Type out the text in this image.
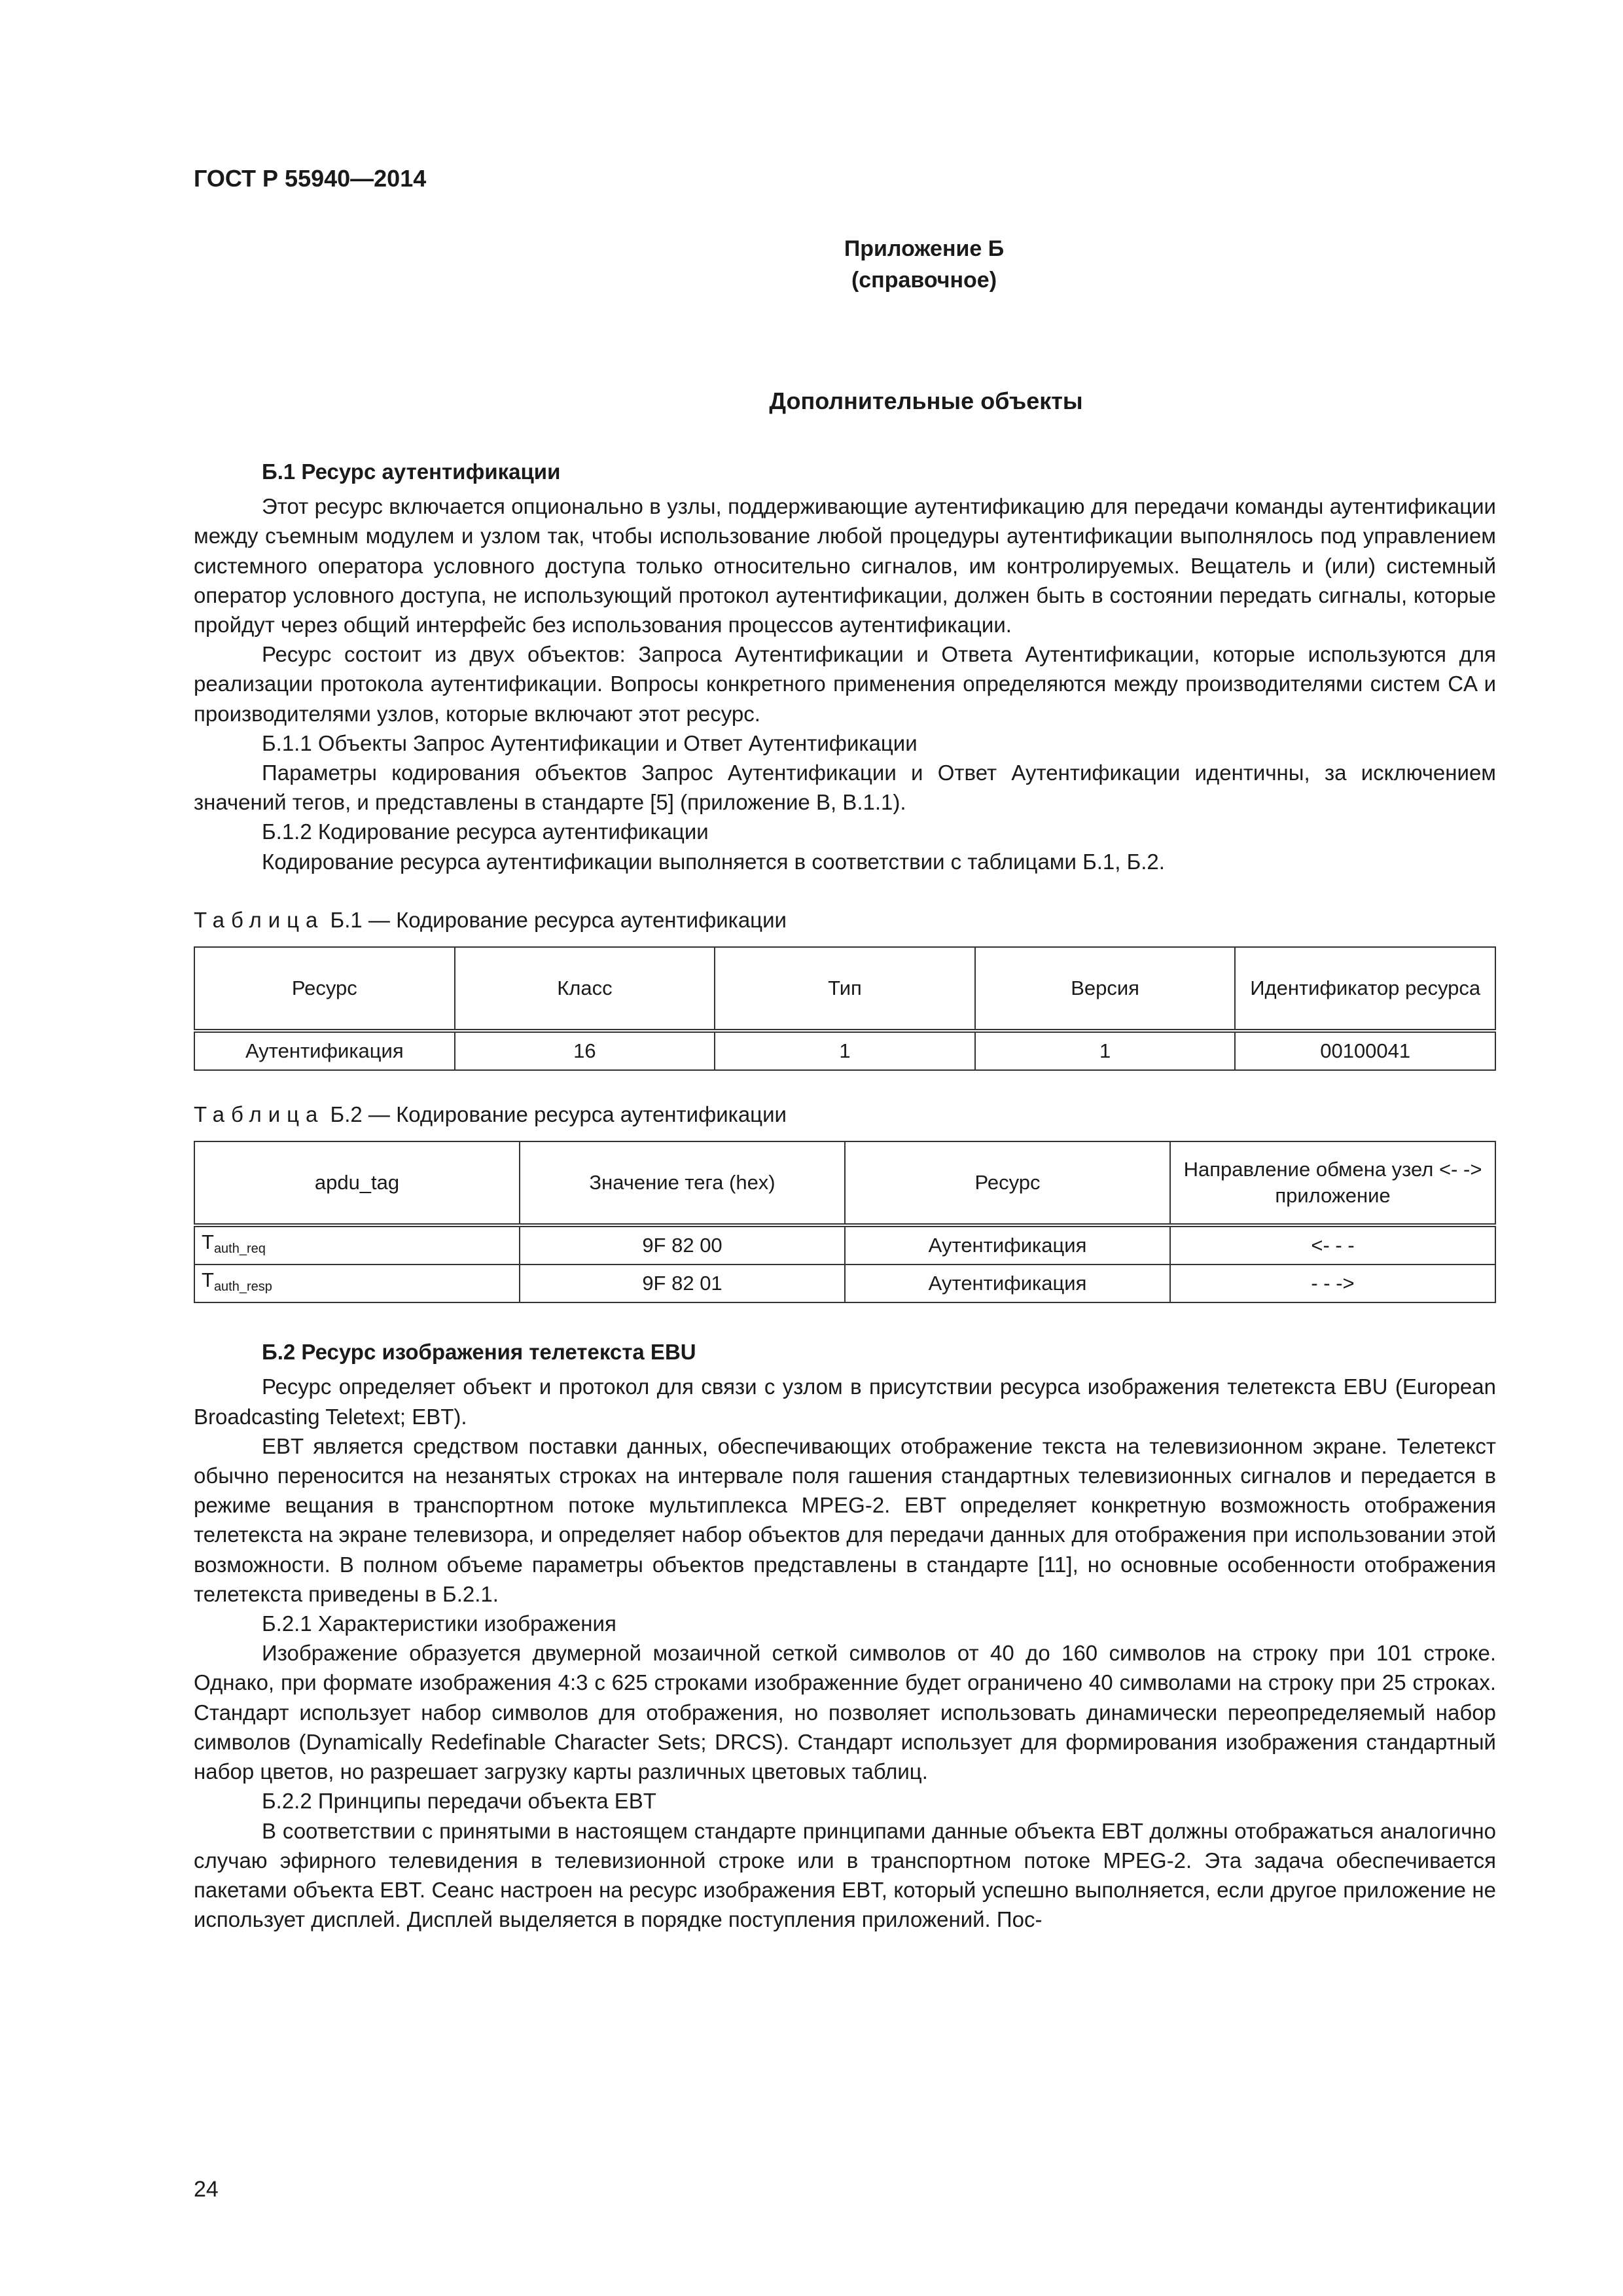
ГОСТ Р 55940—2014
Приложение Б
(справочное)
Дополнительные объекты

Б.1 Ресурс аутентификации

Этот ресурс включается опционально в узлы, поддерживающие аутентификацию для передачи команды аутентификации между съемным модулем и узлом так, чтобы использование любой процедуры аутентификации выполнялось под управлением системного оператора условного доступа только относительно сигналов, им контролируемых. Вещатель и (или) системный оператор условного доступа, не использующий протокол аутентификации, должен быть в состоянии передать сигналы, которые пройдут через общий интерфейс без использования процессов аутентификации.

Ресурс состоит из двух объектов: Запроса Аутентификации и Ответа Аутентификации, которые используются для реализации протокола аутентификации. Вопросы конкретного применения определяются между производителями систем CA и производителями узлов, которые включают этот ресурс.

Б.1.1 Объекты Запрос Аутентификации и Ответ Аутентификации

Параметры кодирования объектов Запрос Аутентификации и Ответ Аутентификации идентичны, за исключением значений тегов, и представлены в стандарте [5] (приложение В, В.1.1).

Б.1.2 Кодирование ресурса аутентификации

Кодирование ресурса аутентификации выполняется в соответствии с таблицами Б.1, Б.2.

Таблица Б.1 — Кодирование ресурса аутентификации

Ресурс	Класс	Тип	Версия	Идентификатор ресурса
Аутентификация	16	1	1	00100041

Таблица Б.2 — Кодирование ресурса аутентификации

apdu_tag	Значение тега (hex)	Ресурс	Направление обмена узел <- -> приложение
$T_{auth\_req}$	9F 82 00	Аутентификация	<- - -
$T_{auth\_resp}$	9F 82 01	Аутентификация	- - ->

Б.2 Ресурс изображения телетекста EBU

Ресурс определяет объект и протокол для связи с узлом в присутствии ресурса изображения телетекста EBU (European Broadcasting Teletext; EBT).

EBT является средством поставки данных, обеспечивающих отображение текста на телевизионном экране. Телетекст обычно переносится на незанятых строках на интервале поля гашения стандартных телевизионных сигналов и передается в режиме вещания в транспортном потоке мультиплекса MPEG-2. EBT определяет конкретную возможность отображения телетекста на экране телевизора, и определяет набор объектов для передачи данных для отображения при использовании этой возможности. В полном объеме параметры объектов представлены в стандарте [11], но основные особенности отображения телетекста приведены в Б.2.1.

Б.2.1 Характеристики изображения

Изображение образуется двумерной мозаичной сеткой символов от 40 до 160 символов на строку при 101 строке. Однако, при формате изображения 4:3 с 625 строками изображенние будет ограничено 40 символами на строку при 25 строках. Стандарт использует набор символов для отображения, но позволяет использовать динамически переопределяемый набор символов (Dynamically Redefinable Character Sets; DRCS). Стандарт использует для формирования изображения стандартный набор цветов, но разрешает загрузку карты различных цветовых таблиц.

Б.2.2 Принципы передачи объекта EBT

В соответствии с принятыми в настоящем стандарте принципами данные объекта EBT должны отображаться аналогично случаю эфирного телевидения в телевизионной строке или в транспортном потоке MPEG-2. Эта задача обеспечивается пакетами объекта EBT. Сеанс настроен на ресурс изображения EBT, который успешно выполняется, если другое приложение не использует дисплей. Дисплей выделяется в порядке поступления приложений. Пос-

24
